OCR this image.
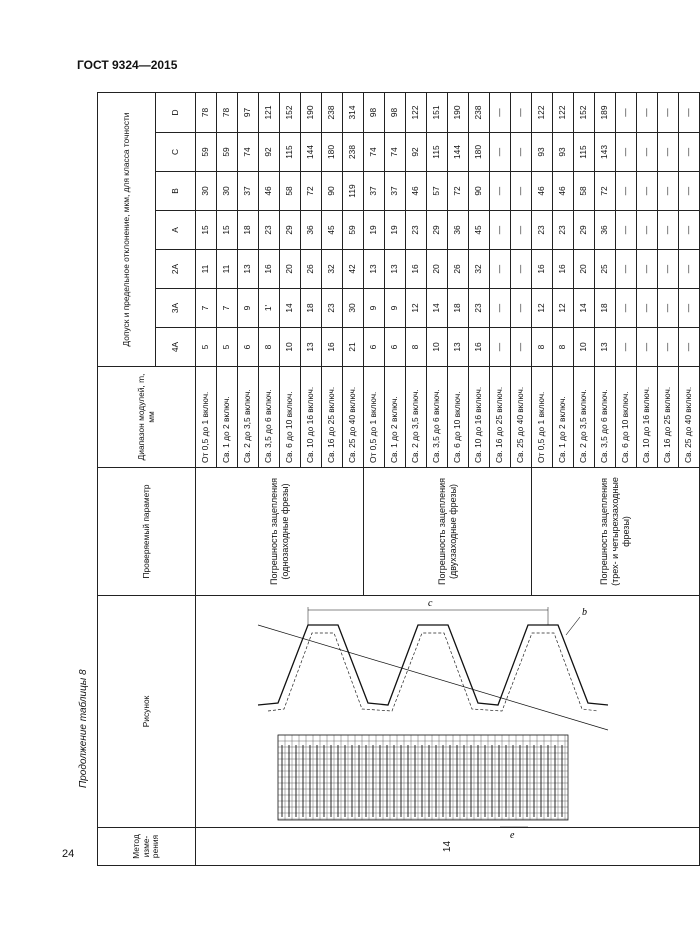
ГОСТ 9324—2015
Продолжение таблицы 8
24	Метод изме-рения	Рисунок	Проверяемый параметр	Диапазон модулей, m, мм	Допуск и предельное отклонение, мкм, для класса точности						
				4A	3A	2A	A	B	C	D
14	c
b
e	Погрешность зацепления (однозаходные фрезы)	От 0,5 до 1 включ.	5	7	11	15	30	59	78
			Св. 1 до 2 включ.	5	7	11	15	30	59	78
			Св. 2 до 3,5 включ.	6	9	13	18	37	74	97
			Св. 3,5 до 6 включ.	8	1'	16	23	46	92	121
			Св. 6 до 10 включ.	10	14	20	29	58	115	152
			Св. 10 до 16 включ.	13	18	26	36	72	144	190
			Св. 16 до 25 включ.	16	23	32	45	90	180	238
			Св. 25 до 40 включ.	21	30	42	59	119	238	314
		Погрешность зацепления (двухзаходные фрезы)	От 0,5 до 1 включ.	6	9	13	19	37	74	98
			Св. 1 до 2 включ.	6	9	13	19	37	74	98
			Св. 2 до 3,5 включ.	8	12	16	23	46	92	122
			Св. 3,5 до 6 включ.	10	14	20	29	57	115	151
			Св. 6 до 10 включ.	13	18	26	36	72	144	190
			Св. 10 до 16 включ.	16	23	32	45	90	180	238
			Св. 16 до 25 включ.	—	—	—	—	—	—	—
			Св. 25 до 40 включ.	—	—	—	—	—	—	—
		Погрешность зацепления (трех- и четырехзаходные фрезы)	От 0,5 до 1 включ.	8	12	16	23	46	93	122
			Св. 1 до 2 включ.	8	12	16	23	46	93	122
			Св. 2 до 3,5 включ.	10	14	20	29	58	115	152
			Св. 3,5 до 6 включ.	13	18	25	36	72	143	189
			Св. 6 до 10 включ.	—	—	—	—	—	—	—
			Св. 10 до 16 включ.	—	—	—	—	—	—	—
			Св. 16 до 25 включ.	—	—	—	—	—	—	—
			Св. 25 до 40 включ.	—	—	—	—	—	—	—
